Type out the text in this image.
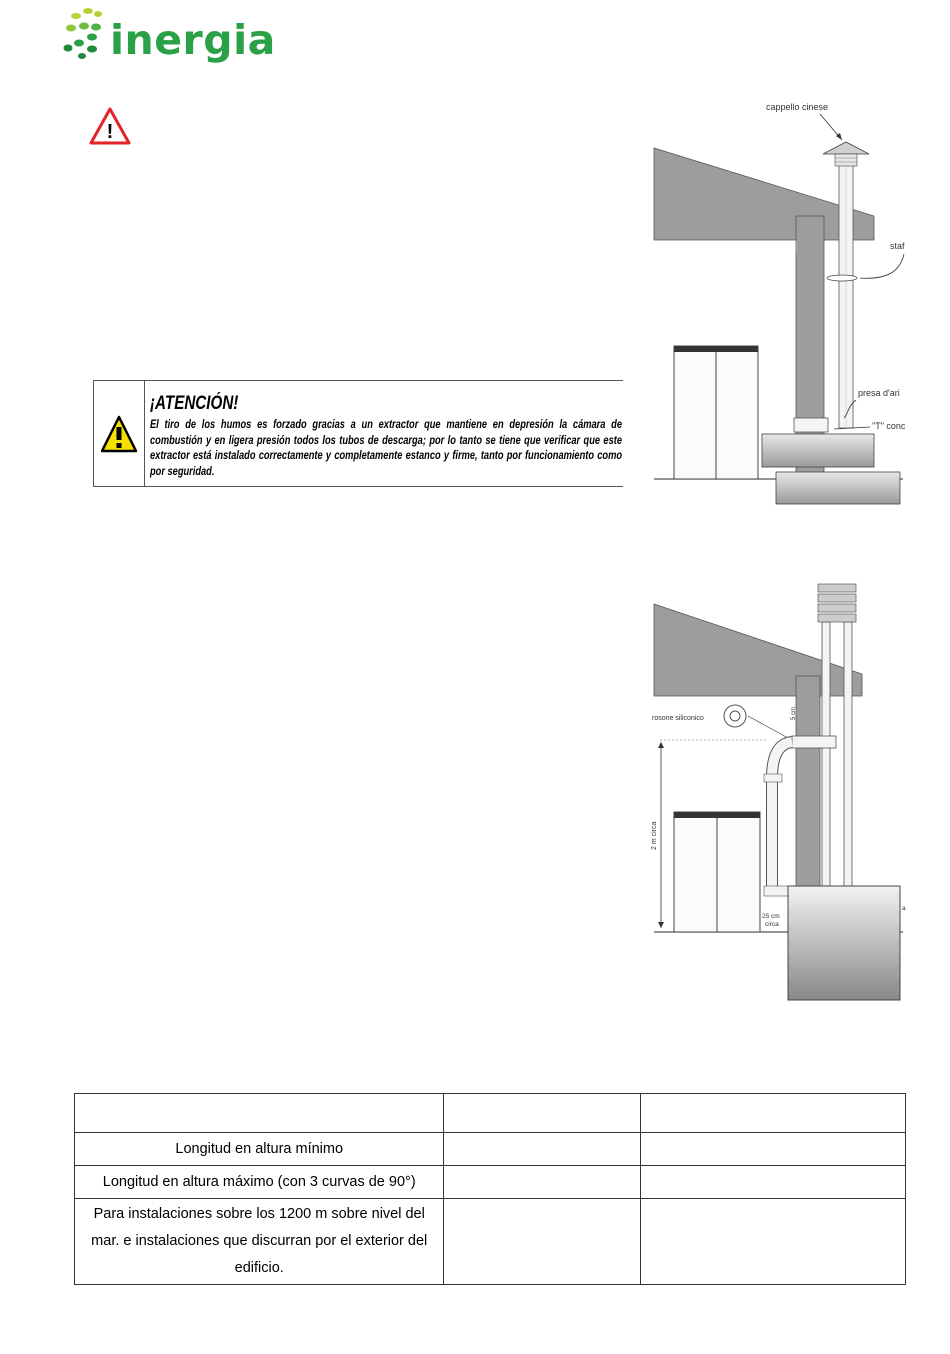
inergia
!
¡ATENCIÓN!
El tiro de los humos es forzado gracias a un extractor que mantiene en depresión la cámara de combustión y en ligera presión todos los tubos de descarga; por lo tanto se tiene que verificar que este extractor está instalado correctamente y completamente estanco y firme, tanto por funcionamiento como por seguridad.
cappello cinese
staf
presa d'ari
"T" conc
rosone siliconico	5 cm
2 m circa
25 cm
circa
a

Longitud en altura mínimo		
Longitud en altura máximo (con 3 curvas de 90°)		
Para instalaciones sobre los 1200 m sobre nivel del mar. e instalaciones que discurran por el exterior del edificio.		
